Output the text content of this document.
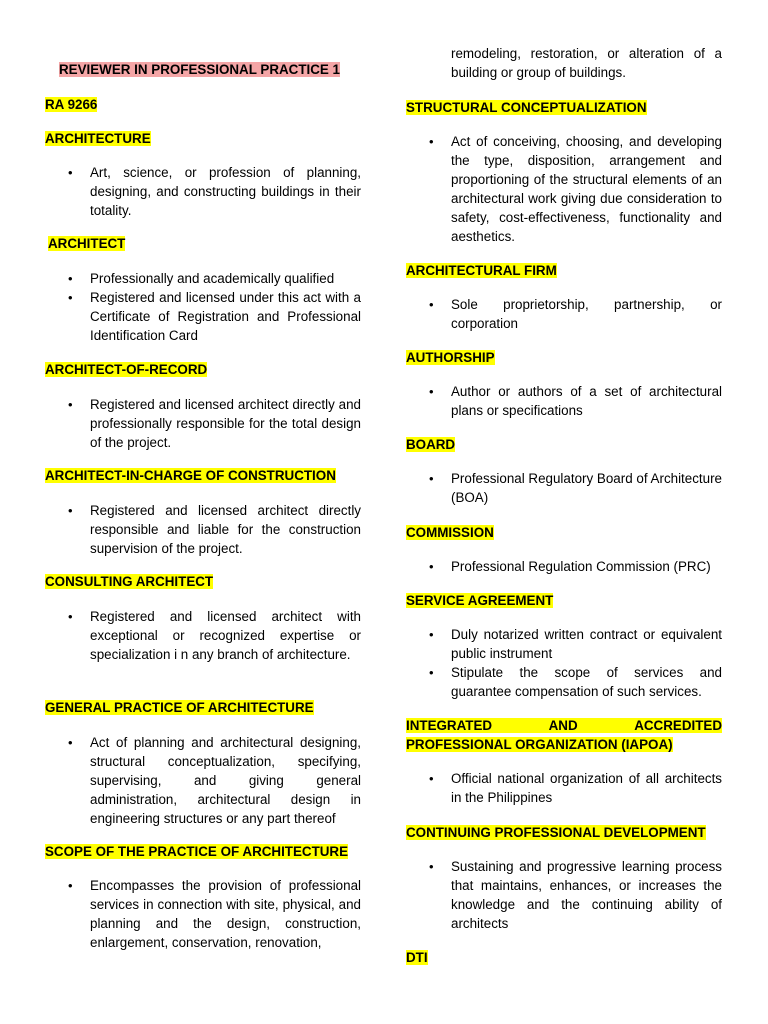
REVIEWER IN PROFESSIONAL PRACTICE 1
RA 9266
ARCHITECTURE
• Art, science, or profession of planning, designing, and constructing buildings in their totality.
ARCHITECT
• Professionally and academically qualified
• Registered and licensed under this act with a Certificate of Registration and Professional Identification Card
ARCHITECT-OF-RECORD
• Registered and licensed architect directly and professionally responsible for the total design of the project.
ARCHITECT-IN-CHARGE OF CONSTRUCTION
• Registered and licensed architect directly responsible and liable for the construction supervision of the project.
CONSULTING ARCHITECT
• Registered and licensed architect with exceptional or recognized expertise or specialization i n any branch of architecture.
GENERAL PRACTICE OF ARCHITECTURE
• Act of planning and architectural designing, structural conceptualization, specifying, supervising, and giving general administration, architectural design in engineering structures or any part thereof
SCOPE OF THE PRACTICE OF ARCHITECTURE
• Encompasses the provision of professional services in connection with site, physical, and planning and the design, construction, enlargement, conservation, renovation,
remodeling, restoration, or alteration of a building or group of buildings.
STRUCTURAL CONCEPTUALIZATION
• Act of conceiving, choosing, and developing the type, disposition, arrangement and proportioning of the structural elements of an architectural work giving due consideration to safety, cost-effectiveness, functionality and aesthetics.
ARCHITECTURAL FIRM
• Sole proprietorship, partnership, or corporation
AUTHORSHIP
• Author or authors of a set of architectural plans or specifications
BOARD
• Professional Regulatory Board of Architecture (BOA)
COMMISSION
• Professional Regulation Commission (PRC)
SERVICE AGREEMENT
• Duly notarized written contract or equivalent public instrument
• Stipulate the scope of services and guarantee compensation of such services.
INTEGRATED AND ACCREDITED PROFESSIONAL ORGANIZATION (IAPOA)
• Official national organization of all architects in the Philippines
CONTINUING PROFESSIONAL DEVELOPMENT
• Sustaining and progressive learning process that maintains, enhances, or increases the knowledge and the continuing ability of architects
DTI
